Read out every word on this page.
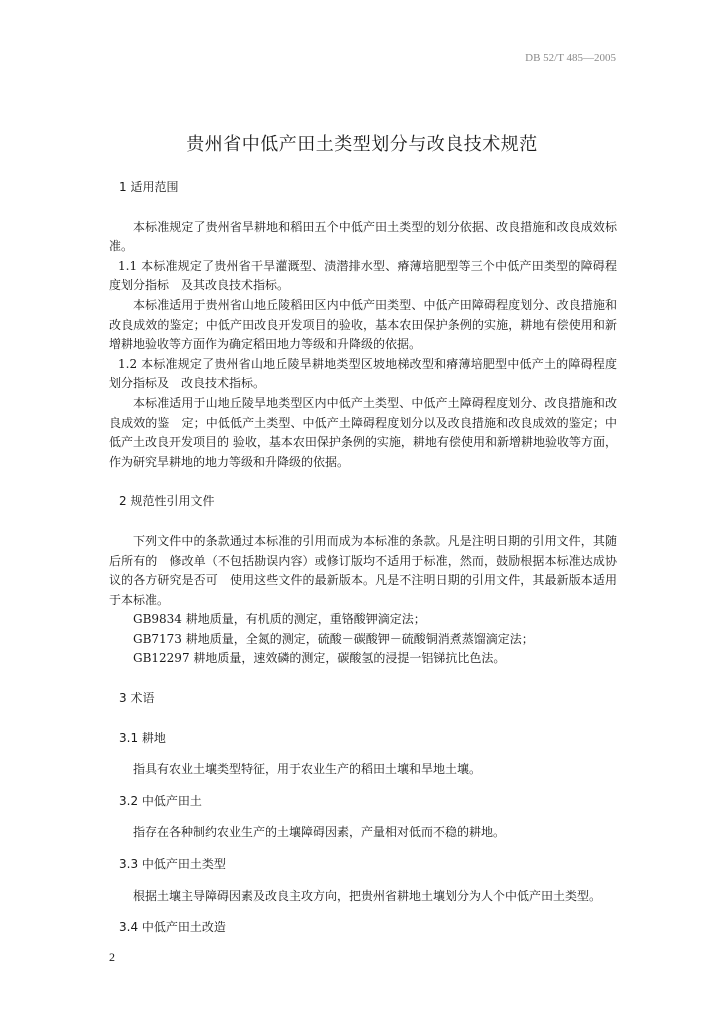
DB 52/T 485—2005
贵州省中低产田土类型划分与改良技术规范

1 适用范围

本标准规定了贵州省旱耕地和稻田五个中低产田土类型的划分依据、改良措施和改良成效标准。

1.1 本标准规定了贵州省干旱灌溉型、渍潜排水型、瘠薄培肥型等三个中低产田类型的障碍程度划分指标　及其改良技术指标。

本标准适用于贵州省山地丘陵稻田区内中低产田类型、中低产田障碍程度划分、改良措施和改良成效的鉴定；中低产田改良开发项目的验收，基本农田保护条例的实施，耕地有偿使用和新增耕地验收等方面作为确定稻田地力等级和升降级的依据。

1.2 本标准规定了贵州省山地丘陵旱耕地类型区坡地梯改型和瘠薄培肥型中低产土的障碍程度划分指标及　改良技术指标。

本标准适用于山地丘陵旱地类型区内中低产土类型、中低产土障碍程度划分、改良措施和改良成效的鉴　定；中低低产土类型、中低产土障碍程度划分以及改良措施和改良成效的鉴定；中低产土改良开发项目的 验收，基本农田保护条例的实施，耕地有偿使用和新增耕地验收等方面，作为研究旱耕地的地力等级和升降级的依据。

2 规范性引用文件

下列文件中的条款通过本标准的引用而成为本标准的条款。凡是注明日期的引用文件，其随后所有的　修改单（不包括勘误内容）或修订版均不适用于标准，然而，鼓励根据本标准达成协议的各方研究是否可　使用这些文件的最新版本。凡是不注明日期的引用文件，其最新版本适用于本标准。

GB9834 耕地质量，有机质的测定，重铬酸钾滴定法；

GB7173 耕地质量，全氮的测定，硫酸－碳酸钾－硫酸铜消煮蒸馏滴定法；

GB12297 耕地质量，速效磷的测定，碳酸氢的浸提一铝锑抗比色法。

3 术语

3.1 耕地

指具有农业土壤类型特征，用于农业生产的稻田土壤和旱地土壤。

3.2 中低产田土

指存在各种制约农业生产的土壤障碍因素，产量相对低而不稳的耕地。

3.3 中低产田土类型

根据土壤主导障碍因素及改良主攻方向，把贵州省耕地土壤划分为人个中低产田土类型。

3.4 中低产田土改造

2
